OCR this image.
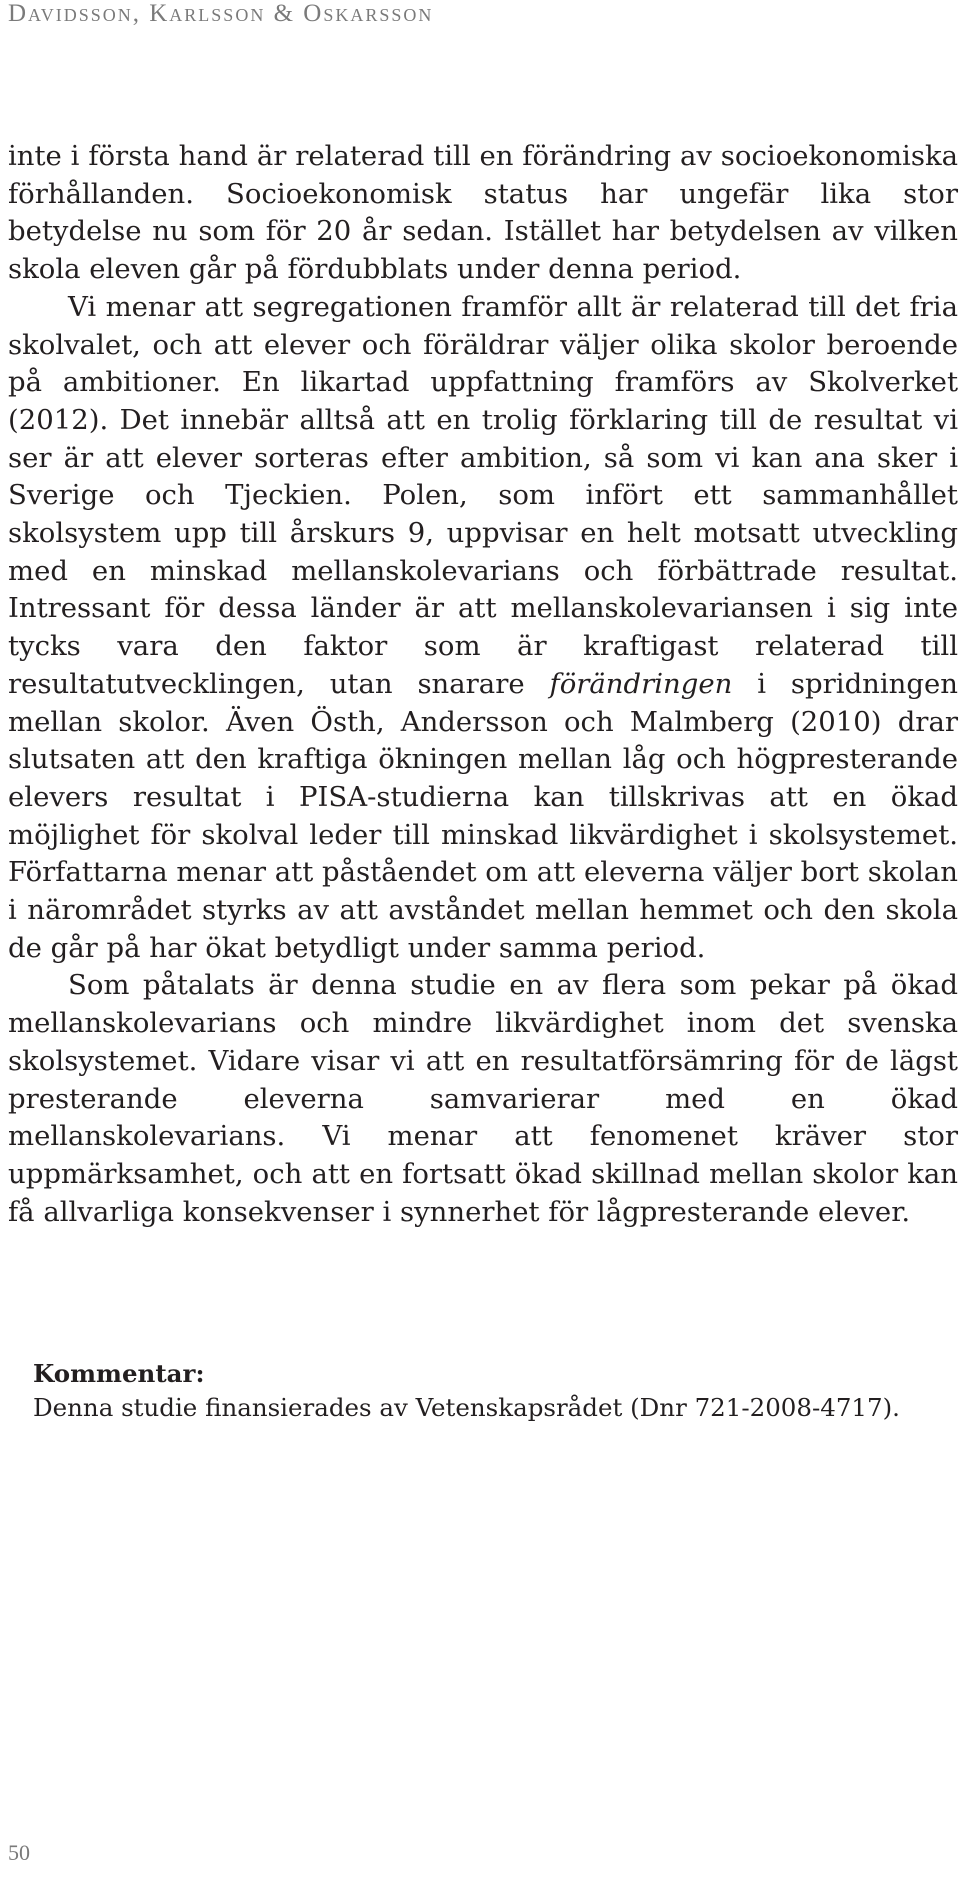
Davidsson, Karlsson & Oskarsson

inte i första hand är relaterad till en förändring av socioekonomiska förhållanden. Socioekonomisk status har ungefär lika stor betydelse nu som för 20 år sedan. Istället har betydelsen av vilken skola eleven går på fördubblats under denna period.

Vi menar att segregationen framför allt är relaterad till det fria skolvalet, och att elever och föräldrar väljer olika skolor beroende på ambitioner. En likartad uppfattning framförs av Skolverket (2012). Det innebär alltså att en trolig förklaring till de resultat vi ser är att elever sorteras efter ambition, så som vi kan ana sker i Sverige och Tjeckien. Polen, som infört ett sammanhållet skolsystem upp till årskurs 9, uppvisar en helt motsatt utveckling med en minskad mellanskolevarians och förbättrade resultat. Intressant för dessa länder är att mellanskolevariansen i sig inte tycks vara den faktor som är kraftigast relaterad till resultatutvecklingen, utan snarare förändringen i spridningen mellan skolor. Även Östh, Andersson och Malmberg (2010) drar slutsaten att den kraftiga ökningen mellan låg och högpresterande elevers resultat i PISA-studierna kan tillskrivas att en ökad möjlighet för skolval leder till minskad likvärdighet i skolsystemet. Författarna menar att påståendet om att eleverna väljer bort skolan i närområdet styrks av att avståndet mellan hemmet och den skola de går på har ökat betydligt under samma period.

Som påtalats är denna studie en av flera som pekar på ökad mellanskolevarians och mindre likvärdighet inom det svenska skolsystemet. Vidare visar vi att en resultatförsämring för de lägst presterande eleverna samvarierar med en ökad mellanskolevarians. Vi menar att fenomenet kräver stor uppmärksamhet, och att en fortsatt ökad skillnad mellan skolor kan få allvarliga konsekvenser i synnerhet för lågpresterande elever.

Kommentar:
Denna studie finansierades av Vetenskapsrådet (Dnr 721-2008-4717).
50
